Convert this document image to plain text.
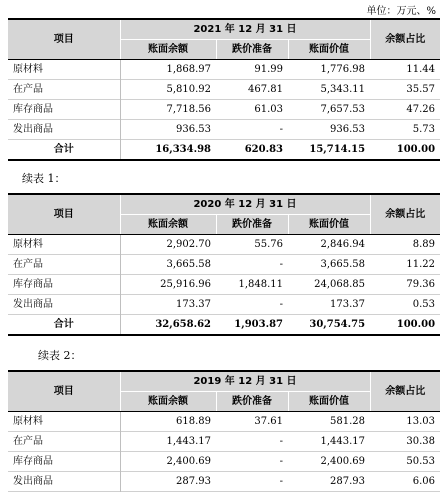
单位：万元、%
项目	2021 年 12 月 31 日			余额占比
	账面余额	跌价准备	账面价值	
原材料	1,868.97	91.99	1,776.98	11.44
在产品	5,810.92	467.81	5,343.11	35.57
库存商品	7,718.56	61.03	7,657.53	47.26
发出商品	936.53	-	936.53	5.73
合计	16,334.98	620.83	15,714.15	100.00
续表 1：
项目	2020 年 12 月 31 日			余额占比
	账面余额	跌价准备	账面价值	
原材料	2,902.70	55.76	2,846.94	8.89
在产品	3,665.58	-	3,665.58	11.22
库存商品	25,916.96	1,848.11	24,068.85	79.36
发出商品	173.37	-	173.37	0.53
合计	32,658.62	1,903.87	30,754.75	100.00
续表 2：
项目	2019 年 12 月 31 日			余额占比
	账面余额	跌价准备	账面价值	
原材料	618.89	37.61	581.28	13.03
在产品	1,443.17	-	1,443.17	30.38
库存商品	2,400.69	-	2,400.69	50.53
发出商品	287.93	-	287.93	6.06
